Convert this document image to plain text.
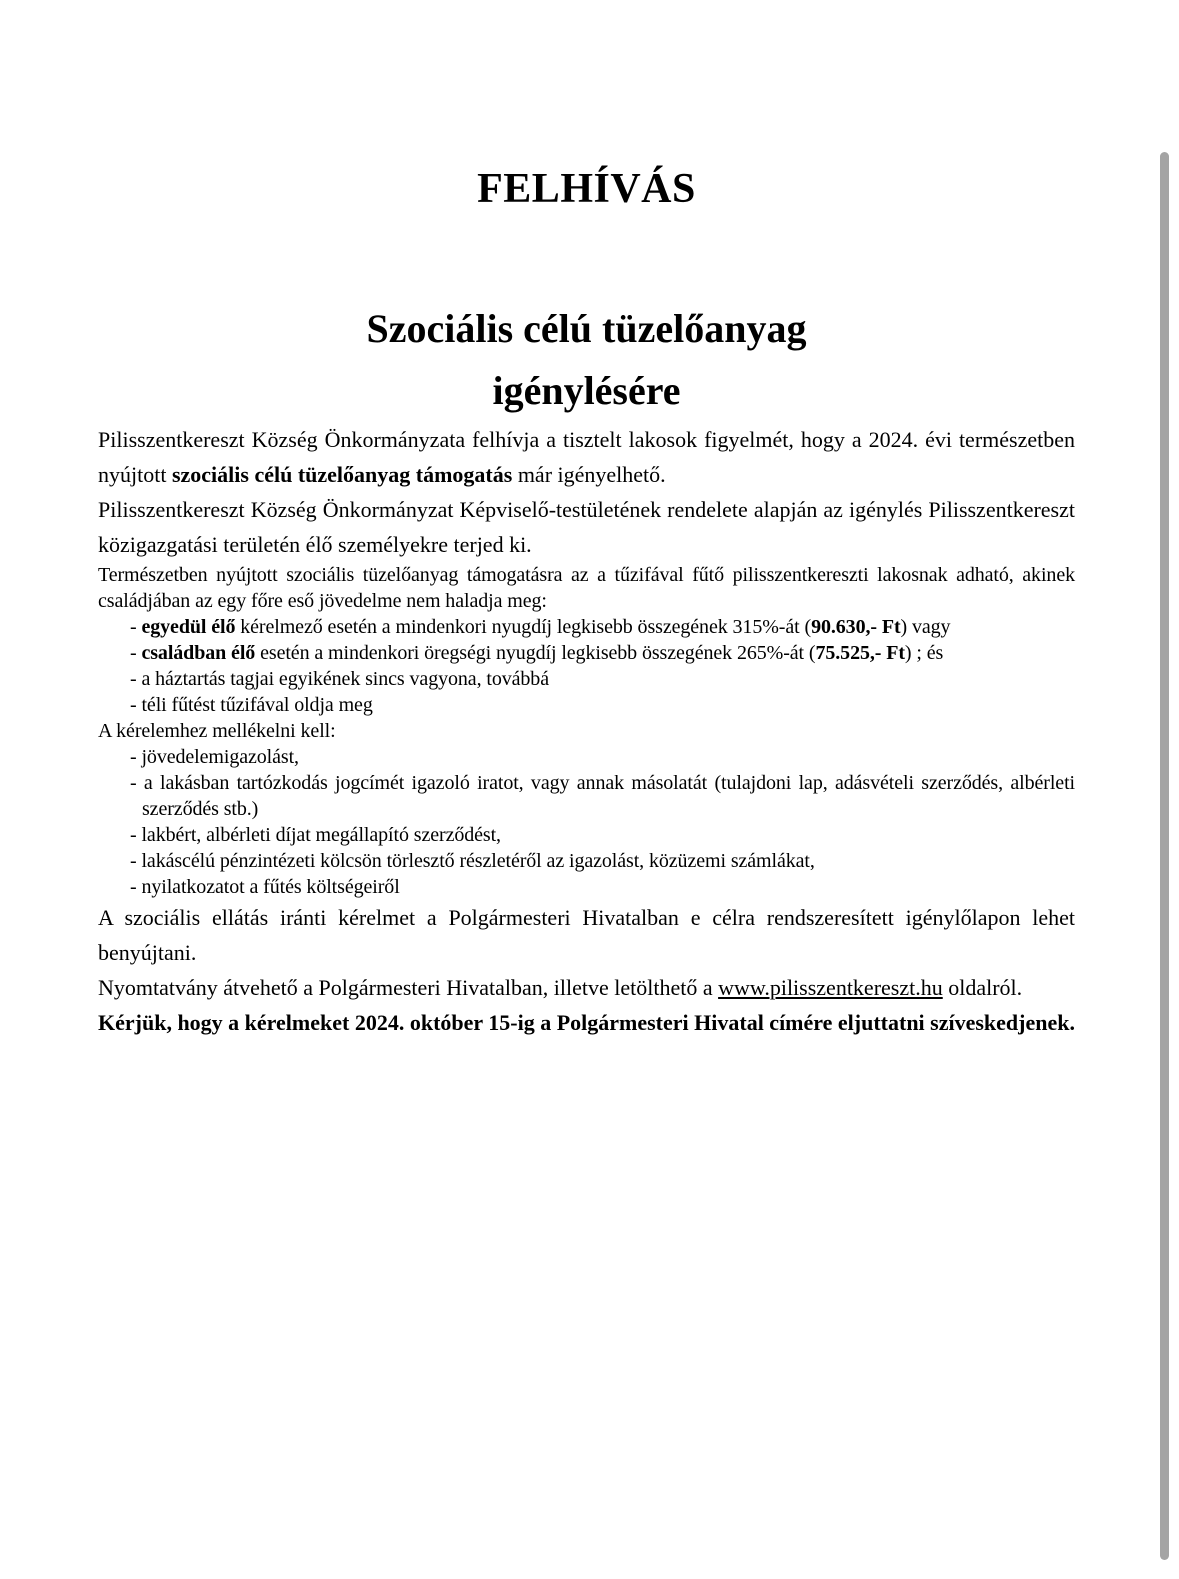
FELHÍVÁS
Szociális célú tüzelőanyag
igénylésére

Pilisszentkereszt Község Önkormányzata felhívja a tisztelt lakosok figyelmét, hogy a 2024. évi természetben nyújtott szociális célú tüzelőanyag támogatás már igényelhető.

Pilisszentkereszt Község Önkormányzat Képviselő-testületének rendelete alapján az igénylés Pilisszentkereszt közigazgatási területén élő személyekre terjed ki.

Természetben nyújtott szociális tüzelőanyag támogatásra az a tűzifával fűtő pilisszentkereszti lakosnak adható, akinek családjában az egy főre eső jövedelme nem haladja meg:

- egyedül élő kérelmező esetén a mindenkori nyugdíj legkisebb összegének 315%-át (90.630,- Ft) vagy
- családban élő esetén a mindenkori öregségi nyugdíj legkisebb összegének 265%-át (75.525,- Ft) ; és
- a háztartás tagjai egyikének sincs vagyona, továbbá
- téli fűtést tűzifával oldja meg

A kérelemhez mellékelni kell:

- jövedelemigazolást,
- a lakásban tartózkodás jogcímét igazoló iratot, vagy annak másolatát (tulajdoni lap, adásvételi szerződés, albérleti szerződés stb.)
- lakbért, albérleti díjat megállapító szerződést,
- lakáscélú pénzintézeti kölcsön törlesztő részletéről az igazolást, közüzemi számlákat,
- nyilatkozatot a fűtés költségeiről

A szociális ellátás iránti kérelmet a Polgármesteri Hivatalban e célra rendszeresített igénylőlapon lehet benyújtani.

Nyomtatvány átvehető a Polgármesteri Hivatalban, illetve letölthető a www.pilisszentkereszt.hu oldalról.

Kérjük, hogy a kérelmeket 2024. október 15-ig a Polgármesteri Hivatal címére eljuttatni szíveskedjenek.
